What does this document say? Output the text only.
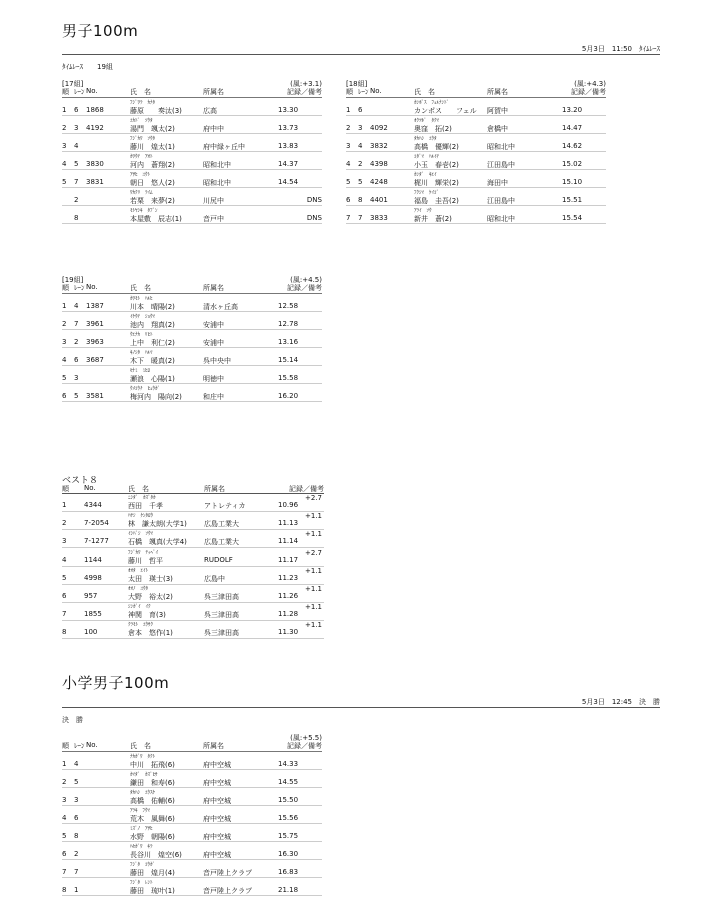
男子100m
5月3日　11:50　ﾀｲﾑﾚｰｽ
ﾀｲﾑﾚｰｽ　　19組
[17組]	(風:+3.1)
順 ﾚｰﾝ No.	氏　名	所属名	記録／備考
ﾌｼﾞﾜﾗ　ｶﾅﾀ
1 6 1868	藤原　　奏汰(3)	広高	13.30
ﾕｶﾄﾞ　ｿｳﾀ
2 3 4192	湯門　颯太(2)	府中中	13.73
ﾌｼﾞｶﾜ　ｿｳﾀ
3 4	藤川　煌太(1)	府中緑ヶ丘中	13.83
ｶﾜｳﾁ　ｱｵﾄ
4 5 3830	河内　蒼翔(2)	昭和北中	14.37
ｱｻﾋ　ﾕｳﾄ
5 7 3831	朝日　悠人(2)	昭和北中	14.54
ﾜｶｸﾘ　ﾗｲﾑ
2	若栗　来夢(2)	川尻中	DNS
ﾓﾄﾔｼｷ　ﾀﾌﾞﾝ
8	本屋敷　辰志(1)	音戸中	DNS
[18組]	(風:+4.3)
順 ﾚｰﾝ No.	氏　名	所属名	記録／備考
ｶﾝﾎﾟｽ　ﾌｪﾙﾅﾝﾄﾞ
1 6	カンポス　　フェル 阿賀中	13.20
ｵｸﾂﾎﾞ　ﾀｸﾏ
2 3 4092	奥窪　拓(2)	倉橋中	14.47
ﾀｶﾊｼ　ﾕｳﾀ
3 4 3832	高橋　優輝(2)	昭和北中	14.62
ｺﾀﾞﾏ　ﾊﾙｲﾁ
4 2 4398	小玉　春壱(2)	江田島中	15.02
ｶﾝﾀﾞ　ｷｴｲ
5 5 4248	梶川　輝栄(2)	海田中	15.10
ﾌｸｼﾏ　ｹｲｺﾞ
6 8 4401	福島　圭吾(2)	江田島中	15.51
ｱﾗｲ　ｿｳ
7 7 3833	新井　蒼(2)	昭和北中	15.54
[19組]	(風:+4.5)
順 ﾚｰﾝ No.	氏　名	所属名	記録／備考
ｶﾜﾓﾄ　ﾊﾙﾋ
1 4 1387	川本　晴陽(2)	清水ヶ丘高	12.58
ｲｹｳﾁ　ｼｮｳﾏ
2 7 3961	池内　翔真(2)	安浦中	12.78
ｳｴﾅｶ　ﾘﾋﾄ
3 2 3963	上中　利仁(2)	安浦中	13.16
ｷﾉｼﾀ　ﾊﾙﾏ
4 6 3687	木下　暖真(2)	呉中央中	15.14
ｾﾅﾐ　ﾐﾋﾛ
5 3	瀬浪　心陽(1)	明徳中	15.58
ｳﾒｺｳﾁ　ﾋｭｳｶﾞ
6 5 3581	梅河内　陽向(2)	和庄中	16.20
ベスト８
順 No.	氏　名	所属名	記録／備考
+2.7
ﾆｼﾀﾞ　ｶｽﾞﾀｶ
1	4344	西田　千孝	アトレティカ	10.96
+1.1
ﾊﾔｼ　ｹﾝﾀﾛｳ
2	7-2054	林　謙太朗(大学1) 広島工業大	11.13
+1.1
ｲｼﾊﾞｼ　ｿｳﾏ
3	7-1277	石橋　颯真(大学4) 広島工業大	11.14
+2.7
ﾌｼﾞｶﾜ　ﾃｯﾍﾟｲ
4	1144	藤川　哲平	RUDOLF	11.17
+1.1
ｵｵﾀ　ｴｲﾄ
5	4998	太田　瑛士(3)	広島中	11.23
+1.1
ｵｵﾉ　ﾕｳﾀ
6	957	大野　裕太(2)	呉三津田高	11.26
+1.1
ｼﾝｶﾞｲ　ｲｸ
7	1855	神関　育(3)	呉三津田高	11.28
+1.1
ｸﾗﾓﾄ　ﾕｳｻｸ
8	100	倉本　悠作(1)	呉三津田高	11.30
小学男子100m
5月3日　12:45　決　勝
決　勝
(風:+5.5)
順 ﾚｰﾝ No.	氏　名	所属名	記録／備考
ﾅｶｶﾞﾜ　ﾀｸﾄ
1 4	中川　拓飛(6)	府中空城	14.33
ｶﾏﾀﾞ　ｶｽﾞﾋｻ
2 5	鎌田　和寿(6)	府中空城	14.55
ﾀｶﾊｼ　ﾕｳｽｹ
3 3	高橋　佑輔(6)	府中空城	15.50
ｱﾗｷ　ﾌｳﾏ
4 6	荒木　風舞(6)	府中空城	15.56
ﾐｽﾞﾉ　ｱｻﾋ
5 8	水野　朝陽(6)	府中空城	15.75
ﾊｾｶﾞﾜ　ｷﾗ
6 2	長谷川　煌空(6)	府中空城	16.30
ﾌｼﾞﾀ　ｺｳｶﾞ
7 7	藤田　煌月(4)	音戸陸上クラブ	16.83
ﾌｼﾞﾀ　ﾚﾝﾄ
8 1	藤田　琉叶(1)	音戸陸上クラブ	21.18
